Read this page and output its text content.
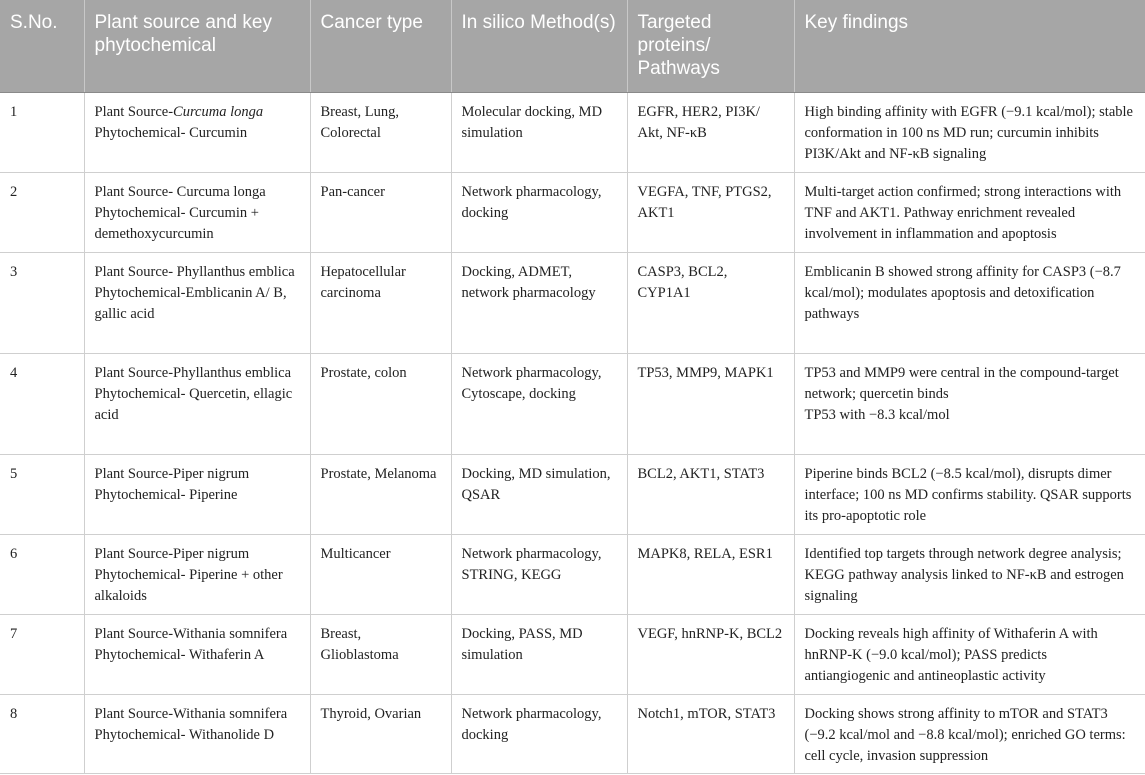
S.No.	Plant source and key phytochemical	Cancer type	In silico Method(s)	Targeted proteins/ Pathways	Key findings
1	Plant Source-Curcuma longa
Phytochemical- Curcumin	Breast, Lung, Colorectal	Molecular docking, MD simulation	EGFR, HER2, PI3K/ Akt, NF-κB	High binding affinity with EGFR (−9.1 kcal/mol); stable conformation in 100 ns MD run; curcumin inhibits PI3K/Akt and NF-κB signaling
2	Plant Source- Curcuma longa
Phytochemical- Curcumin + demethoxycurcumin	Pan-cancer	Network pharmacology, docking	VEGFA, TNF, PTGS2, AKT1	Multi-target action confirmed; strong interactions with TNF and AKT1. Pathway enrichment revealed involvement in inflammation and apoptosis
3	Plant Source- Phyllanthus emblica
Phytochemical-Emblicanin A/ B, gallic acid	Hepatocellular carcinoma	Docking, ADMET, network pharmacology	CASP3, BCL2, CYP1A1	Emblicanin B showed strong affinity for CASP3 (−8.7 kcal/mol); modulates apoptosis and detoxification pathways
4	Plant Source-Phyllanthus emblica
Phytochemical- Quercetin, ellagic acid	Prostate, colon	Network pharmacology, Cytoscape, docking	TP53, MMP9, MAPK1	TP53 and MMP9 were central in the compound-target network; quercetin binds
TP53 with −8.3 kcal/mol

5	Plant Source-Piper nigrum
Phytochemical- Piperine	Prostate, Melanoma	Docking, MD simulation, QSAR	BCL2, AKT1, STAT3	Piperine binds BCL2 (−8.5 kcal/mol), disrupts dimer interface; 100 ns MD confirms stability. QSAR supports its pro-apoptotic role
6	Plant Source-Piper nigrum
Phytochemical- Piperine + other alkaloids	Multicancer	Network pharmacology, STRING, KEGG	MAPK8, RELA, ESR1	Identified top targets through network degree analysis; KEGG pathway analysis linked to NF-κB and estrogen signaling
7	Plant Source-Withania somnifera
Phytochemical- Withaferin A	Breast, Glioblastoma	Docking, PASS, MD simulation	VEGF, hnRNP-K, BCL2	Docking reveals high affinity of Withaferin A with hnRNP-K (−9.0 kcal/mol); PASS predicts antiangiogenic and antineoplastic activity
8	Plant Source-Withania somnifera
Phytochemical- Withanolide D	Thyroid, Ovarian	Network pharmacology, docking	Notch1, mTOR, STAT3	Docking shows strong affinity to mTOR and STAT3 (−9.2 kcal/mol and −8.8 kcal/mol); enriched GO terms: cell cycle, invasion suppression
